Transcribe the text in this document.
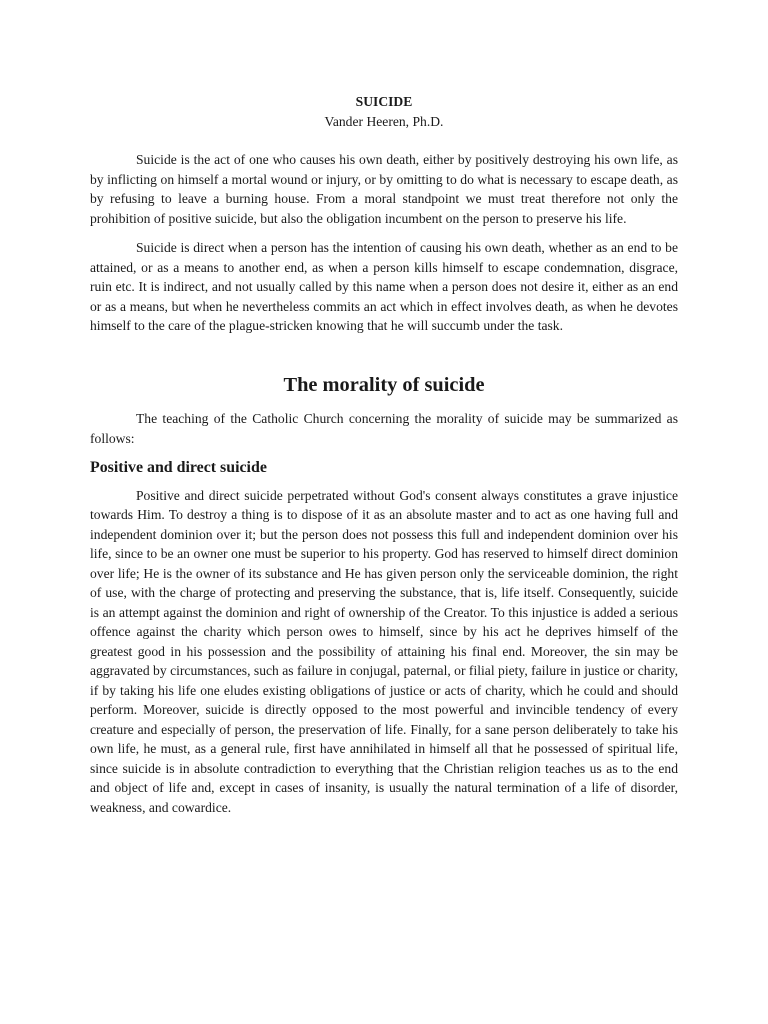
SUICIDE

Vander Heeren, Ph.D.

Suicide is the act of one who causes his own death, either by positively destroying his own life, as by inflicting on himself a mortal wound or injury, or by omitting to do what is necessary to escape death, as by refusing to leave a burning house. From a moral standpoint we must treat therefore not only the prohibition of positive suicide, but also the obligation incumbent on the person to preserve his life.

Suicide is direct when a person has the intention of causing his own death, whether as an end to be attained, or as a means to another end, as when a person kills himself to escape condemnation, disgrace, ruin etc. It is indirect, and not usually called by this name when a person does not desire it, either as an end or as a means, but when he nevertheless commits an act which in effect involves death, as when he devotes himself to the care of the plague-stricken knowing that he will succumb under the task.

The morality of suicide

The teaching of the Catholic Church concerning the morality of suicide may be summarized as follows:

Positive and direct suicide

Positive and direct suicide perpetrated without God's consent always constitutes a grave injustice towards Him. To destroy a thing is to dispose of it as an absolute master and to act as one having full and independent dominion over it; but the person does not possess this full and independent dominion over his life, since to be an owner one must be superior to his property. God has reserved to himself direct dominion over life; He is the owner of its substance and He has given person only the serviceable dominion, the right of use, with the charge of protecting and preserving the substance, that is, life itself. Consequently, suicide is an attempt against the dominion and right of ownership of the Creator. To this injustice is added a serious offence against the charity which person owes to himself, since by his act he deprives himself of the greatest good in his possession and the possibility of attaining his final end. Moreover, the sin may be aggravated by circumstances, such as failure in conjugal, paternal, or filial piety, failure in justice or charity, if by taking his life one eludes existing obligations of justice or acts of charity, which he could and should perform. Moreover, suicide is directly opposed to the most powerful and invincible tendency of every creature and especially of person, the preservation of life. Finally, for a sane person deliberately to take his own life, he must, as a general rule, first have annihilated in himself all that he possessed of spiritual life, since suicide is in absolute contradiction to everything that the Christian religion teaches us as to the end and object of life and, except in cases of insanity, is usually the natural termination of a life of disorder, weakness, and cowardice.
